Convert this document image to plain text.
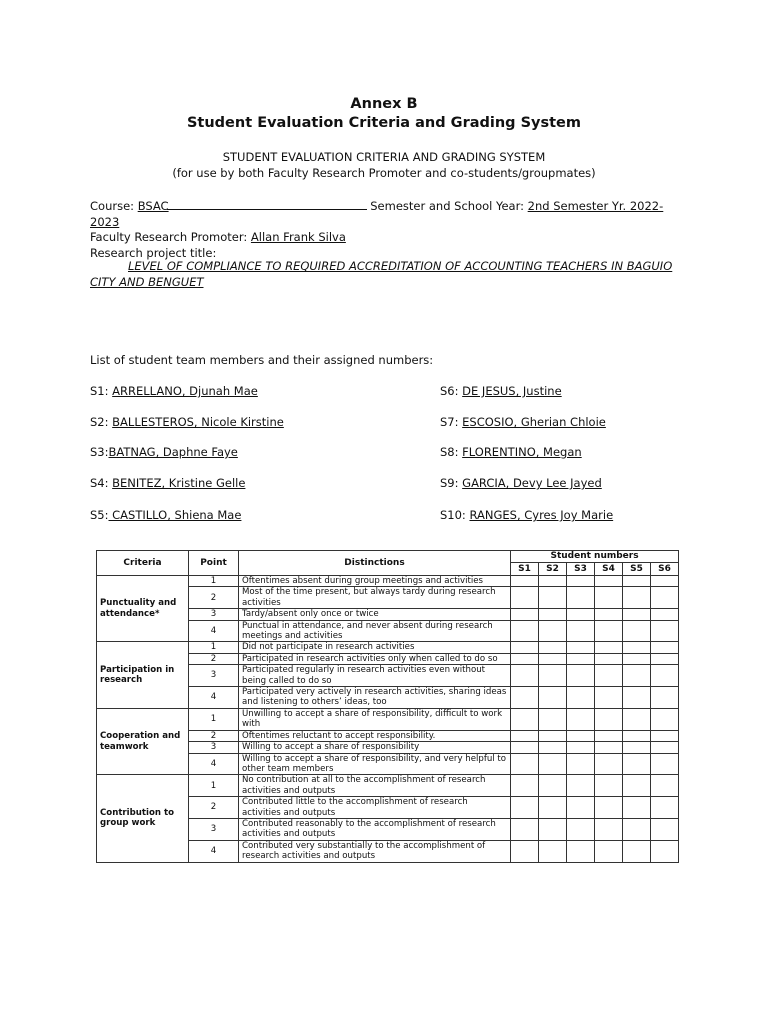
Annex B
Student Evaluation Criteria and Grading System
STUDENT EVALUATION CRITERIA AND GRADING SYSTEM
(for use by both Faculty Research Promoter and co-students/groupmates)
Course: BSAC	Semester and School Year: 2nd Semester Yr. 2022-
2023
Faculty Research Promoter: Allan Frank Silva
Research project title:
LEVEL OF COMPLIANCE TO REQUIRED ACCREDITATION OF ACCOUNTING TEACHERS IN BAGUIO CITY AND BENGUET
List of student team members and their assigned numbers:
S1: ARRELLANO, Djunah Mae
S2: BALLESTEROS, Nicole Kirstine
S3:BATNAG, Daphne Faye
S4: BENITEZ, Kristine Gelle
S5: CASTILLO, Shiena Mae
S6: DE JESUS, Justine
S7: ESCOSIO, Gherian Chloie
S8: FLORENTINO, Megan
S9: GARCIA, Devy Lee Jayed
S10: RANGES, Cyres Joy Marie
Criteria	Point	Distinctions	Student numbers					
			S1	S2	S3	S4	S5	S6
Punctuality and attendance*	1	Oftentimes absent during group meetings and activities						
	2	Most of the time present, but always tardy during research activities						
	3	Tardy/absent only once or twice						
	4	Punctual in attendance, and never absent during research meetings and activities						
Participation in research	1	Did not participate in research activities						
	2	Participated in research activities only when called to do so						
	3	Participated regularly in research activities even without being called to do so						
	4	Participated very actively in research activities, sharing ideas and listening to others’ ideas, too						
Cooperation and teamwork	1	Unwilling to accept a share of responsibility, difficult to work with						
	2	Oftentimes reluctant to accept responsibility.						
	3	Willing to accept a share of responsibility						
	4	Willing to accept a share of responsibility, and very helpful to other team members						
Contribution to group work	1	No contribution at all to the accomplishment of research activities and outputs						
	2	Contributed little to the accomplishment of research activities and outputs						
	3	Contributed reasonably to the accomplishment of research activities and outputs						
	4	Contributed very substantially to the accomplishment of research activities and outputs						
